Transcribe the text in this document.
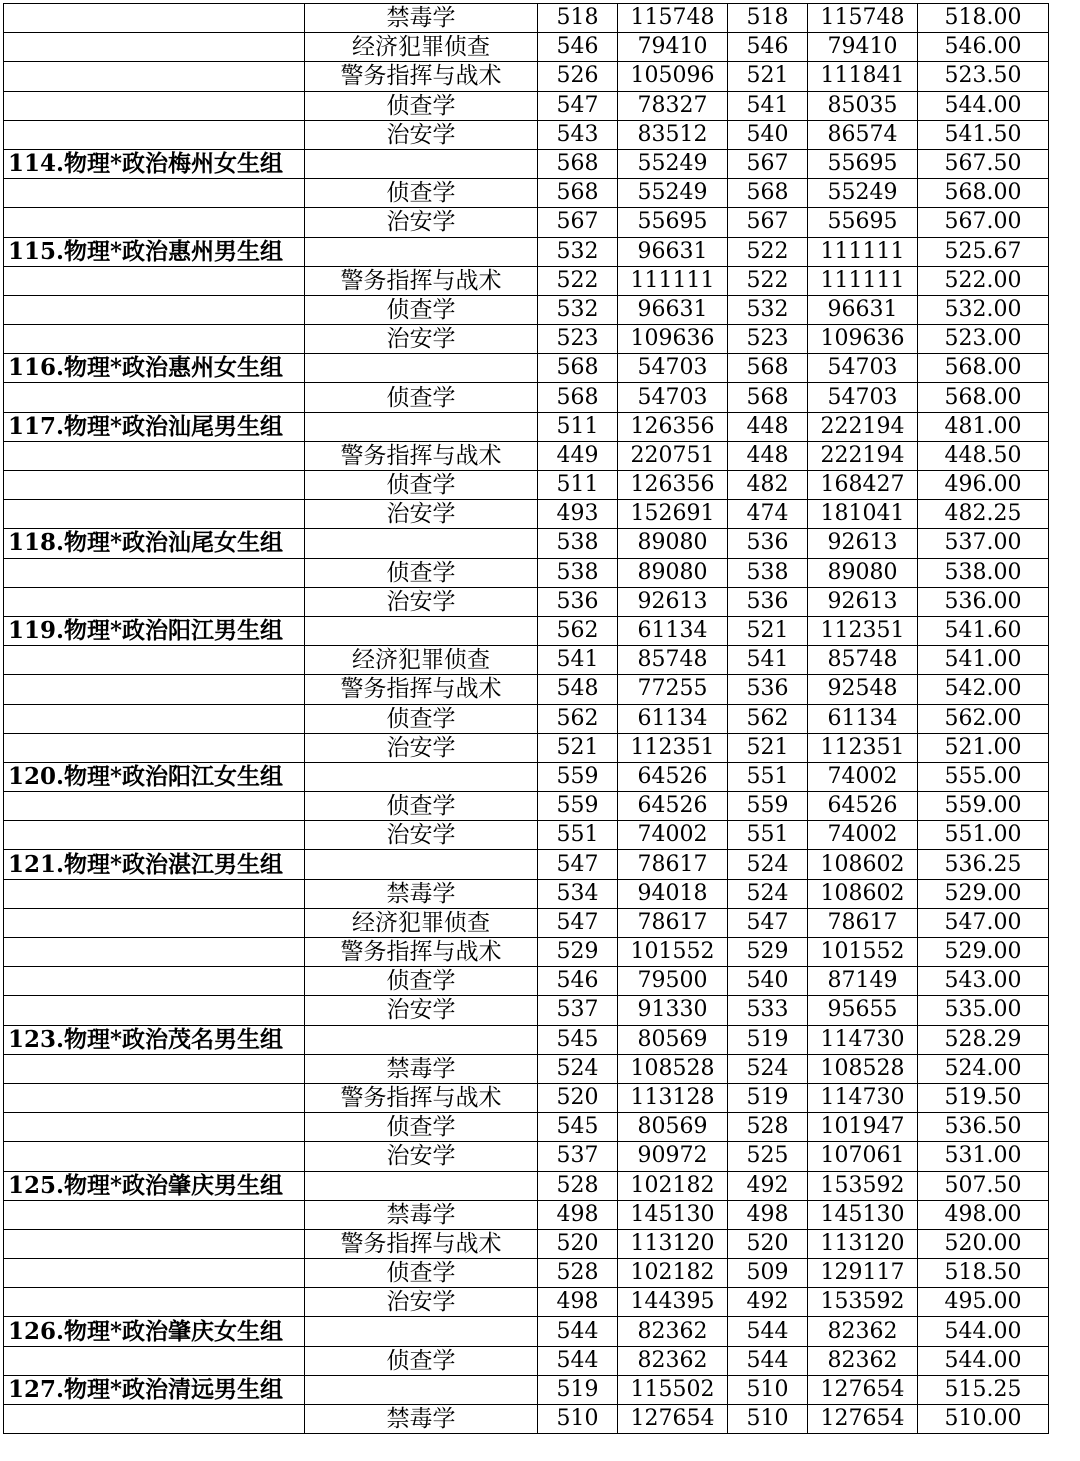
	禁毒学	518	115748	518	115748	518.00
	经济犯罪侦查	546	79410	546	79410	546.00
	警务指挥与战术	526	105096	521	111841	523.50
	侦查学	547	78327	541	85035	544.00
	治安学	543	83512	540	86574	541.50
114.物理*政治梅州女生组		568	55249	567	55695	567.50
	侦查学	568	55249	568	55249	568.00
	治安学	567	55695	567	55695	567.00
115.物理*政治惠州男生组		532	96631	522	111111	525.67
	警务指挥与战术	522	111111	522	111111	522.00
	侦查学	532	96631	532	96631	532.00
	治安学	523	109636	523	109636	523.00
116.物理*政治惠州女生组		568	54703	568	54703	568.00
	侦查学	568	54703	568	54703	568.00
117.物理*政治汕尾男生组		511	126356	448	222194	481.00
	警务指挥与战术	449	220751	448	222194	448.50
	侦查学	511	126356	482	168427	496.00
	治安学	493	152691	474	181041	482.25
118.物理*政治汕尾女生组		538	89080	536	92613	537.00
	侦查学	538	89080	538	89080	538.00
	治安学	536	92613	536	92613	536.00
119.物理*政治阳江男生组		562	61134	521	112351	541.60
	经济犯罪侦查	541	85748	541	85748	541.00
	警务指挥与战术	548	77255	536	92548	542.00
	侦查学	562	61134	562	61134	562.00
	治安学	521	112351	521	112351	521.00
120.物理*政治阳江女生组		559	64526	551	74002	555.00
	侦查学	559	64526	559	64526	559.00
	治安学	551	74002	551	74002	551.00
121.物理*政治湛江男生组		547	78617	524	108602	536.25
	禁毒学	534	94018	524	108602	529.00
	经济犯罪侦查	547	78617	547	78617	547.00
	警务指挥与战术	529	101552	529	101552	529.00
	侦查学	546	79500	540	87149	543.00
	治安学	537	91330	533	95655	535.00
123.物理*政治茂名男生组		545	80569	519	114730	528.29
	禁毒学	524	108528	524	108528	524.00
	警务指挥与战术	520	113128	519	114730	519.50
	侦查学	545	80569	528	101947	536.50
	治安学	537	90972	525	107061	531.00
125.物理*政治肇庆男生组		528	102182	492	153592	507.50
	禁毒学	498	145130	498	145130	498.00
	警务指挥与战术	520	113120	520	113120	520.00
	侦查学	528	102182	509	129117	518.50
	治安学	498	144395	492	153592	495.00
126.物理*政治肇庆女生组		544	82362	544	82362	544.00
	侦查学	544	82362	544	82362	544.00
127.物理*政治清远男生组		519	115502	510	127654	515.25
	禁毒学	510	127654	510	127654	510.00
